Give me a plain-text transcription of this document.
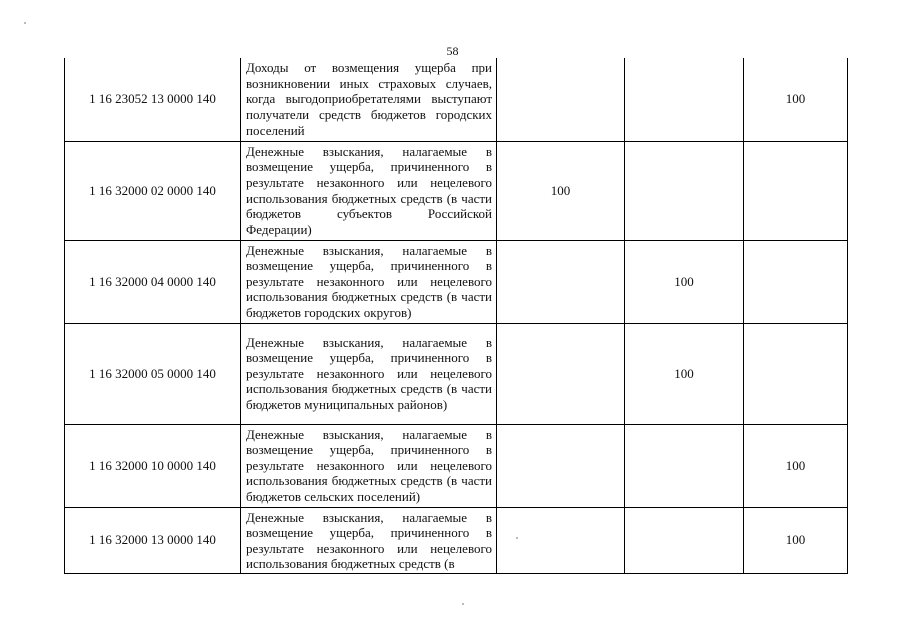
58
1 16 23052 13 0000 140	Доходы от возмещения ущерба при возникновении иных страховых случаев, когда выгодоприобретателями выступают получатели средств бюджетов городских поселений			100
1 16 32000 02 0000 140	Денежные взыскания, налагаемые в возмещение ущерба, причиненного в результате незаконного или нецелевого использования бюджетных средств (в части бюджетов субъектов Российской Федерации)	100		
1 16 32000 04 0000 140	Денежные взыскания, налагаемые в возмещение ущерба, причиненного в результате незаконного или нецелевого использования бюджетных средств (в части бюджетов городских округов)		100	
1 16 32000 05 0000 140	Денежные взыскания, налагаемые в возмещение ущерба, причиненного в результате незаконного или нецелевого использования бюджетных средств (в части бюджетов муниципальных районов)		100	
1 16 32000 10 0000 140	Денежные взыскания, налагаемые в возмещение ущерба, причиненного в результате незаконного или нецелевого использования бюджетных средств (в части бюджетов сельских поселений)			100
1 16 32000 13 0000 140	Денежные взыскания, налагаемые в возмещение ущерба, причиненного в результате незаконного или нецелевого использования бюджетных средств (в			100
